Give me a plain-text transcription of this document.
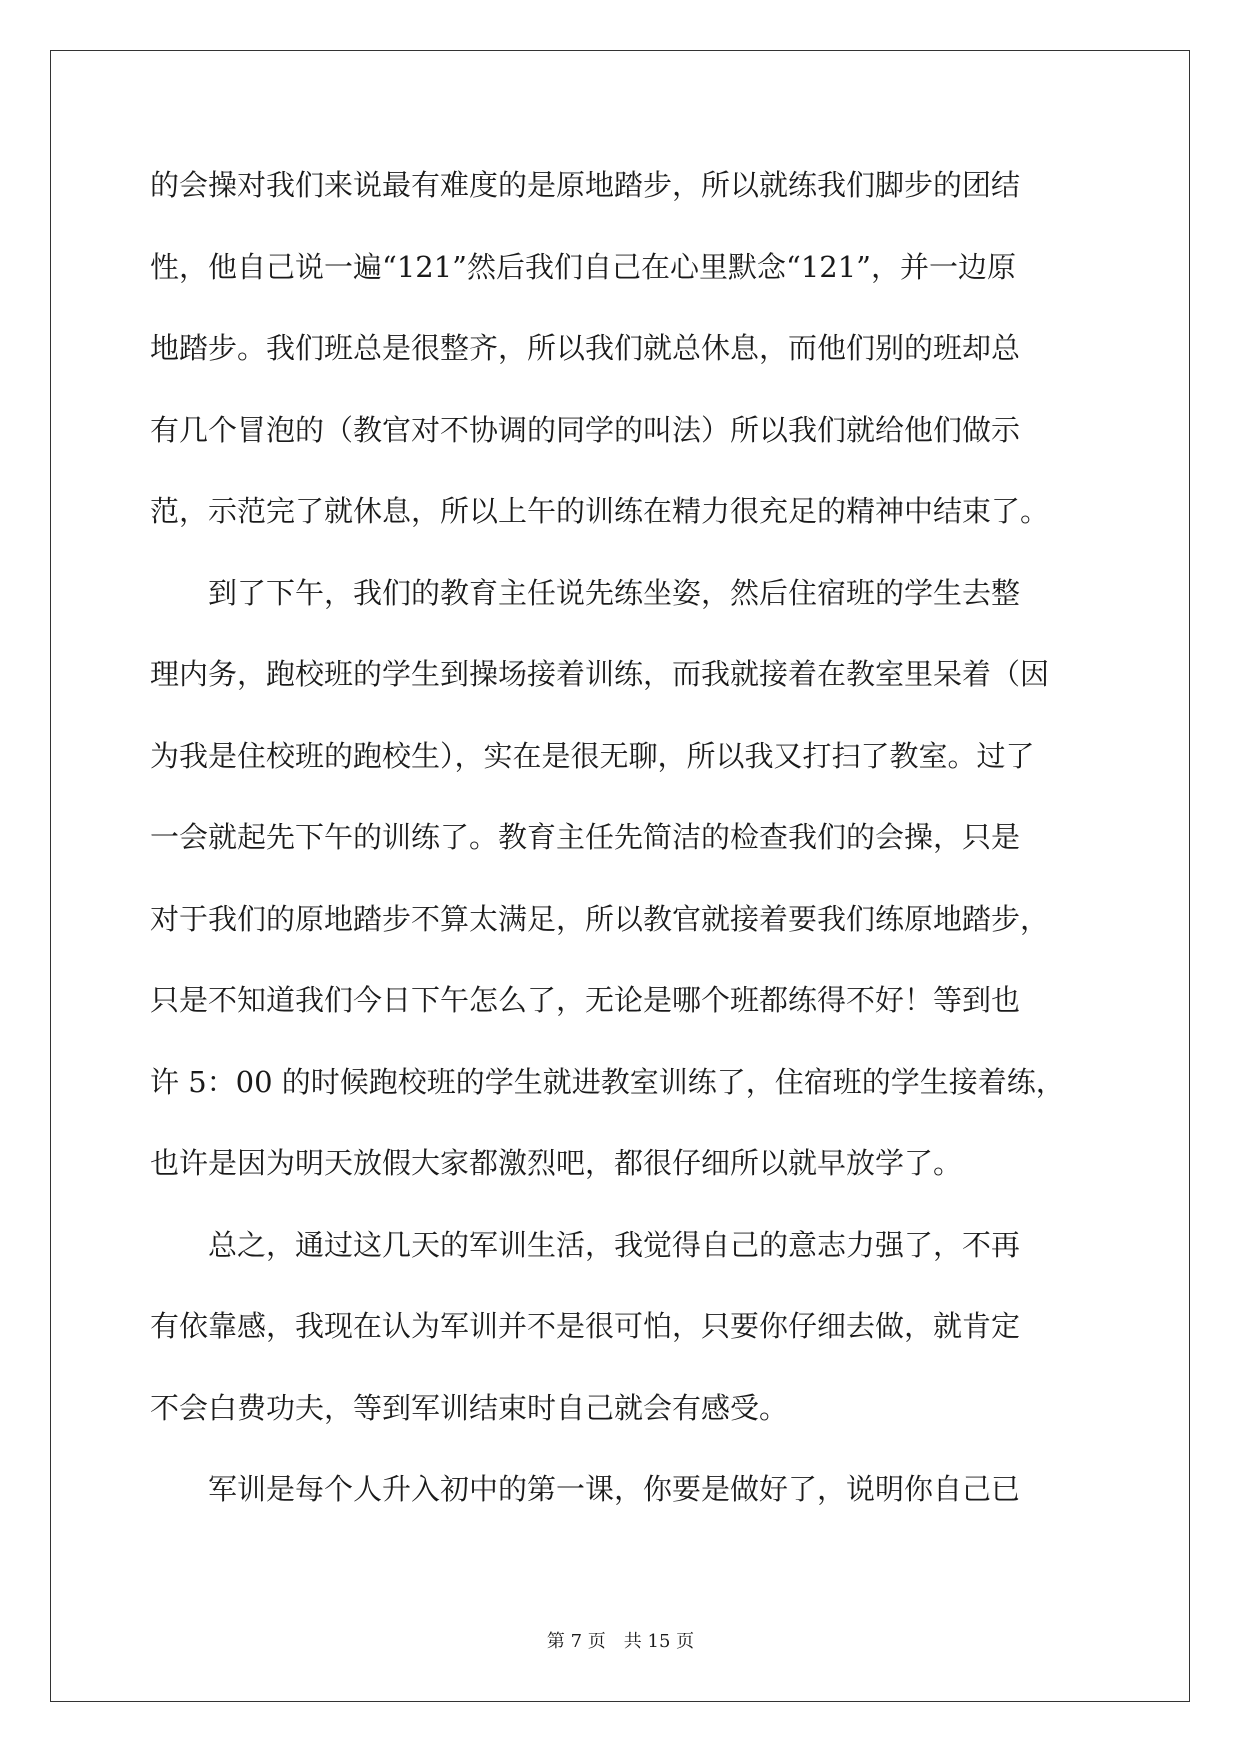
的会操对我们来说最有难度的是原地踏步，所以就练我们脚步的团结
性，他自己说一遍“121”然后我们自己在心里默念“121”，并一边原
地踏步。我们班总是很整齐，所以我们就总休息，而他们别的班却总
有几个冒泡的（教官对不协调的同学的叫法）所以我们就给他们做示
范，示范完了就休息，所以上午的训练在精力很充足的精神中结束了。
　　到了下午，我们的教育主任说先练坐姿，然后住宿班的学生去整
理内务，跑校班的学生到操场接着训练，而我就接着在教室里呆着（因
为我是住校班的跑校生），实在是很无聊，所以我又打扫了教室。过了
一会就起先下午的训练了。教育主任先简洁的检查我们的会操，只是
对于我们的原地踏步不算太满足，所以教官就接着要我们练原地踏步，
只是不知道我们今日下午怎么了，无论是哪个班都练得不好！等到也
许 5：00 的时候跑校班的学生就进教室训练了，住宿班的学生接着练，
也许是因为明天放假大家都激烈吧，都很仔细所以就早放学了。
　　总之，通过这几天的军训生活，我觉得自己的意志力强了，不再
有依靠感，我现在认为军训并不是很可怕，只要你仔细去做，就肯定
不会白费功夫，等到军训结束时自己就会有感受。
　　军训是每个人升入初中的第一课，你要是做好了，说明你自己已
第 7 页　共 15 页
